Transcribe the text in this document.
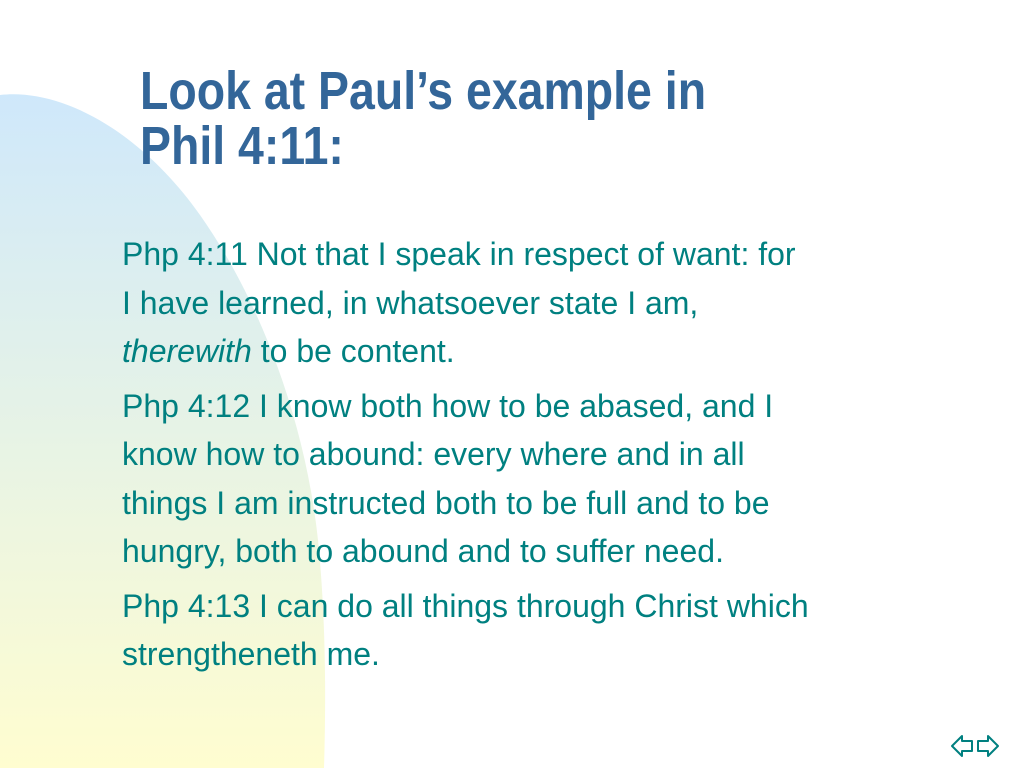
Look at Paul’s example in
Phil 4:11:
Php 4:11 Not that I speak in respect of want: for
I have learned, in whatsoever state I am,
therewith to be content.
Php 4:12 I know both how to be abased, and I
know how to abound: every where and in all
things I am instructed both to be full and to be
hungry, both to abound and to suffer need.
Php 4:13 I can do all things through Christ which
strengtheneth me.
